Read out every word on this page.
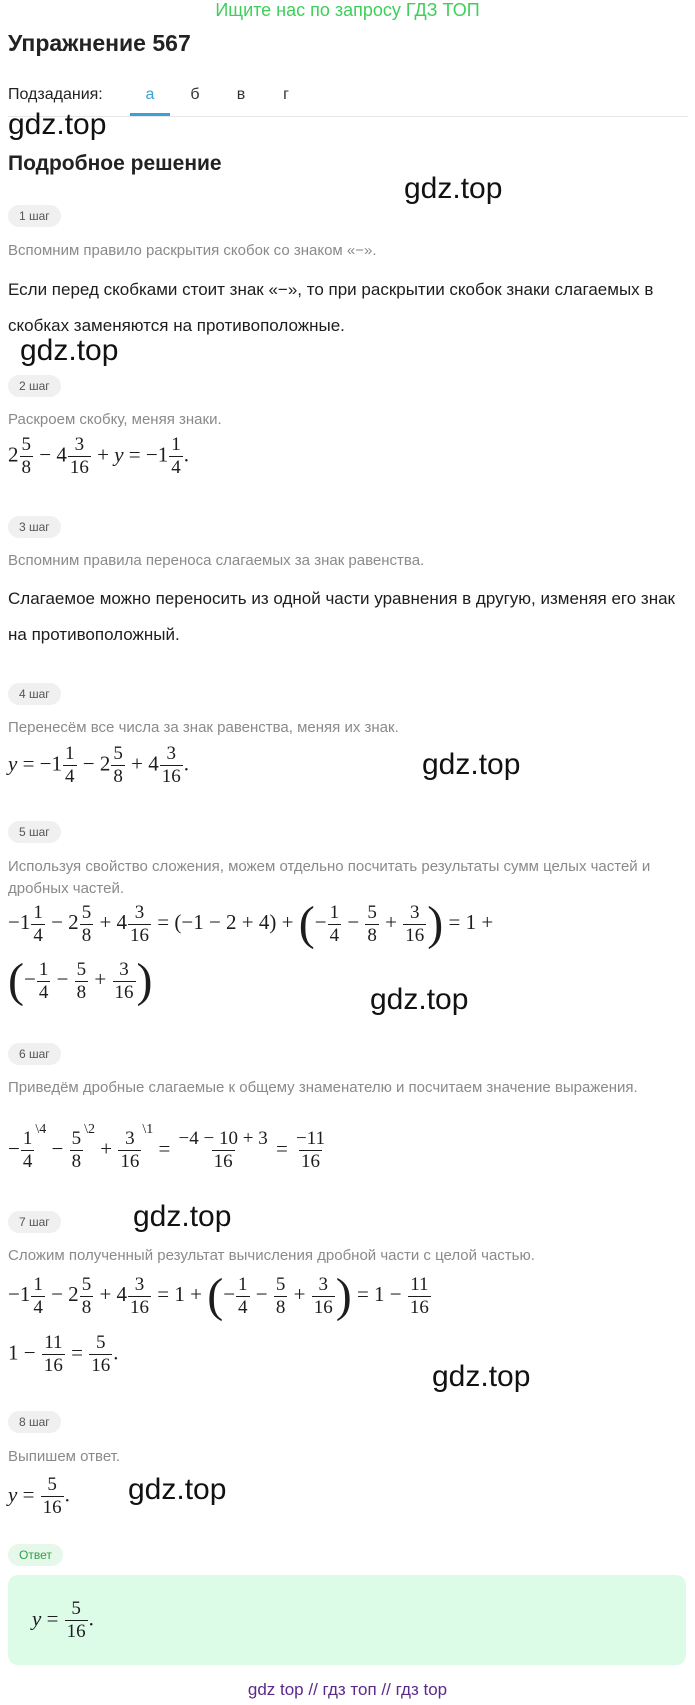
Ищите нас по запросу ГДЗ ТОП
Упражнение 567
Подзадания:	а	б	в	г
gdz.top
Подробное решение
gdz.top
1 шаг
Вспомним правило раскрытия скобок со знаком «−».
Если перед скобками стоит знак «−», то при раскрытии скобок знаки слагаемых в скобках заменяются на противоположные.
gdz.top
2 шаг
Раскроем скобку, меняя знаки.
$2 \frac{5}{8} - 4 \frac{3}{16} + y = -1 \frac{1}{4}$ .
3 шаг
Вспомним правила переноса слагаемых за знак равенства.
Слагаемое можно переносить из одной части уравнения в другую, изменяя его знак на противоположный.
4 шаг
Перенесём все числа за знак равенства, меняя их знак.
$y = -1 \frac{1}{4} - 2 \frac{5}{8} + 4 \frac{3}{16}$ .	gdz.top
5 шаг
Используя свойство сложения, можем отдельно посчитать результаты сумм целых частей и дробных частей.
$-1 \frac{1}{4} - 2 \frac{5}{8} + 4 \frac{3}{16} = (-1 - 2 + 4)$ + (− $\frac{1}{4} - \frac{5}{8} + \frac{3}{16}$ ) = 1 +
(− $\frac{1}{4} - \frac{5}{8} + \frac{3}{16}$ )	gdz.top
6 шаг
Приведём дробные слагаемые к общему знаменателю и посчитаем значение выражения.
− $\frac{1}{4} ^{\backslash 4} - \frac{5}{8} ^{\backslash 2} + \frac{3}{16} ^{\backslash 1} = \frac{-4 - 10 + 3}{16} = \frac{-11}{16}$
7 шаг	gdz.top
Сложим полученный результат вычисления дробной части с целой частью.
$-1 \frac{1}{4} - 2 \frac{5}{8} + 4 \frac{3}{16} = 1$ + (− $\frac{1}{4} - \frac{5}{8} + \frac{3}{16}$ ) = $1 - \frac{11}{16}$
$1 - \frac{11}{16} = \frac{5}{16}$ .
gdz.top
8 шаг
Выпишем ответ.
$y = \frac{5}{16}$ . gdz.top
Ответ
$y = \frac{5}{16}$ .
gdz top // гдз топ // гдз top
